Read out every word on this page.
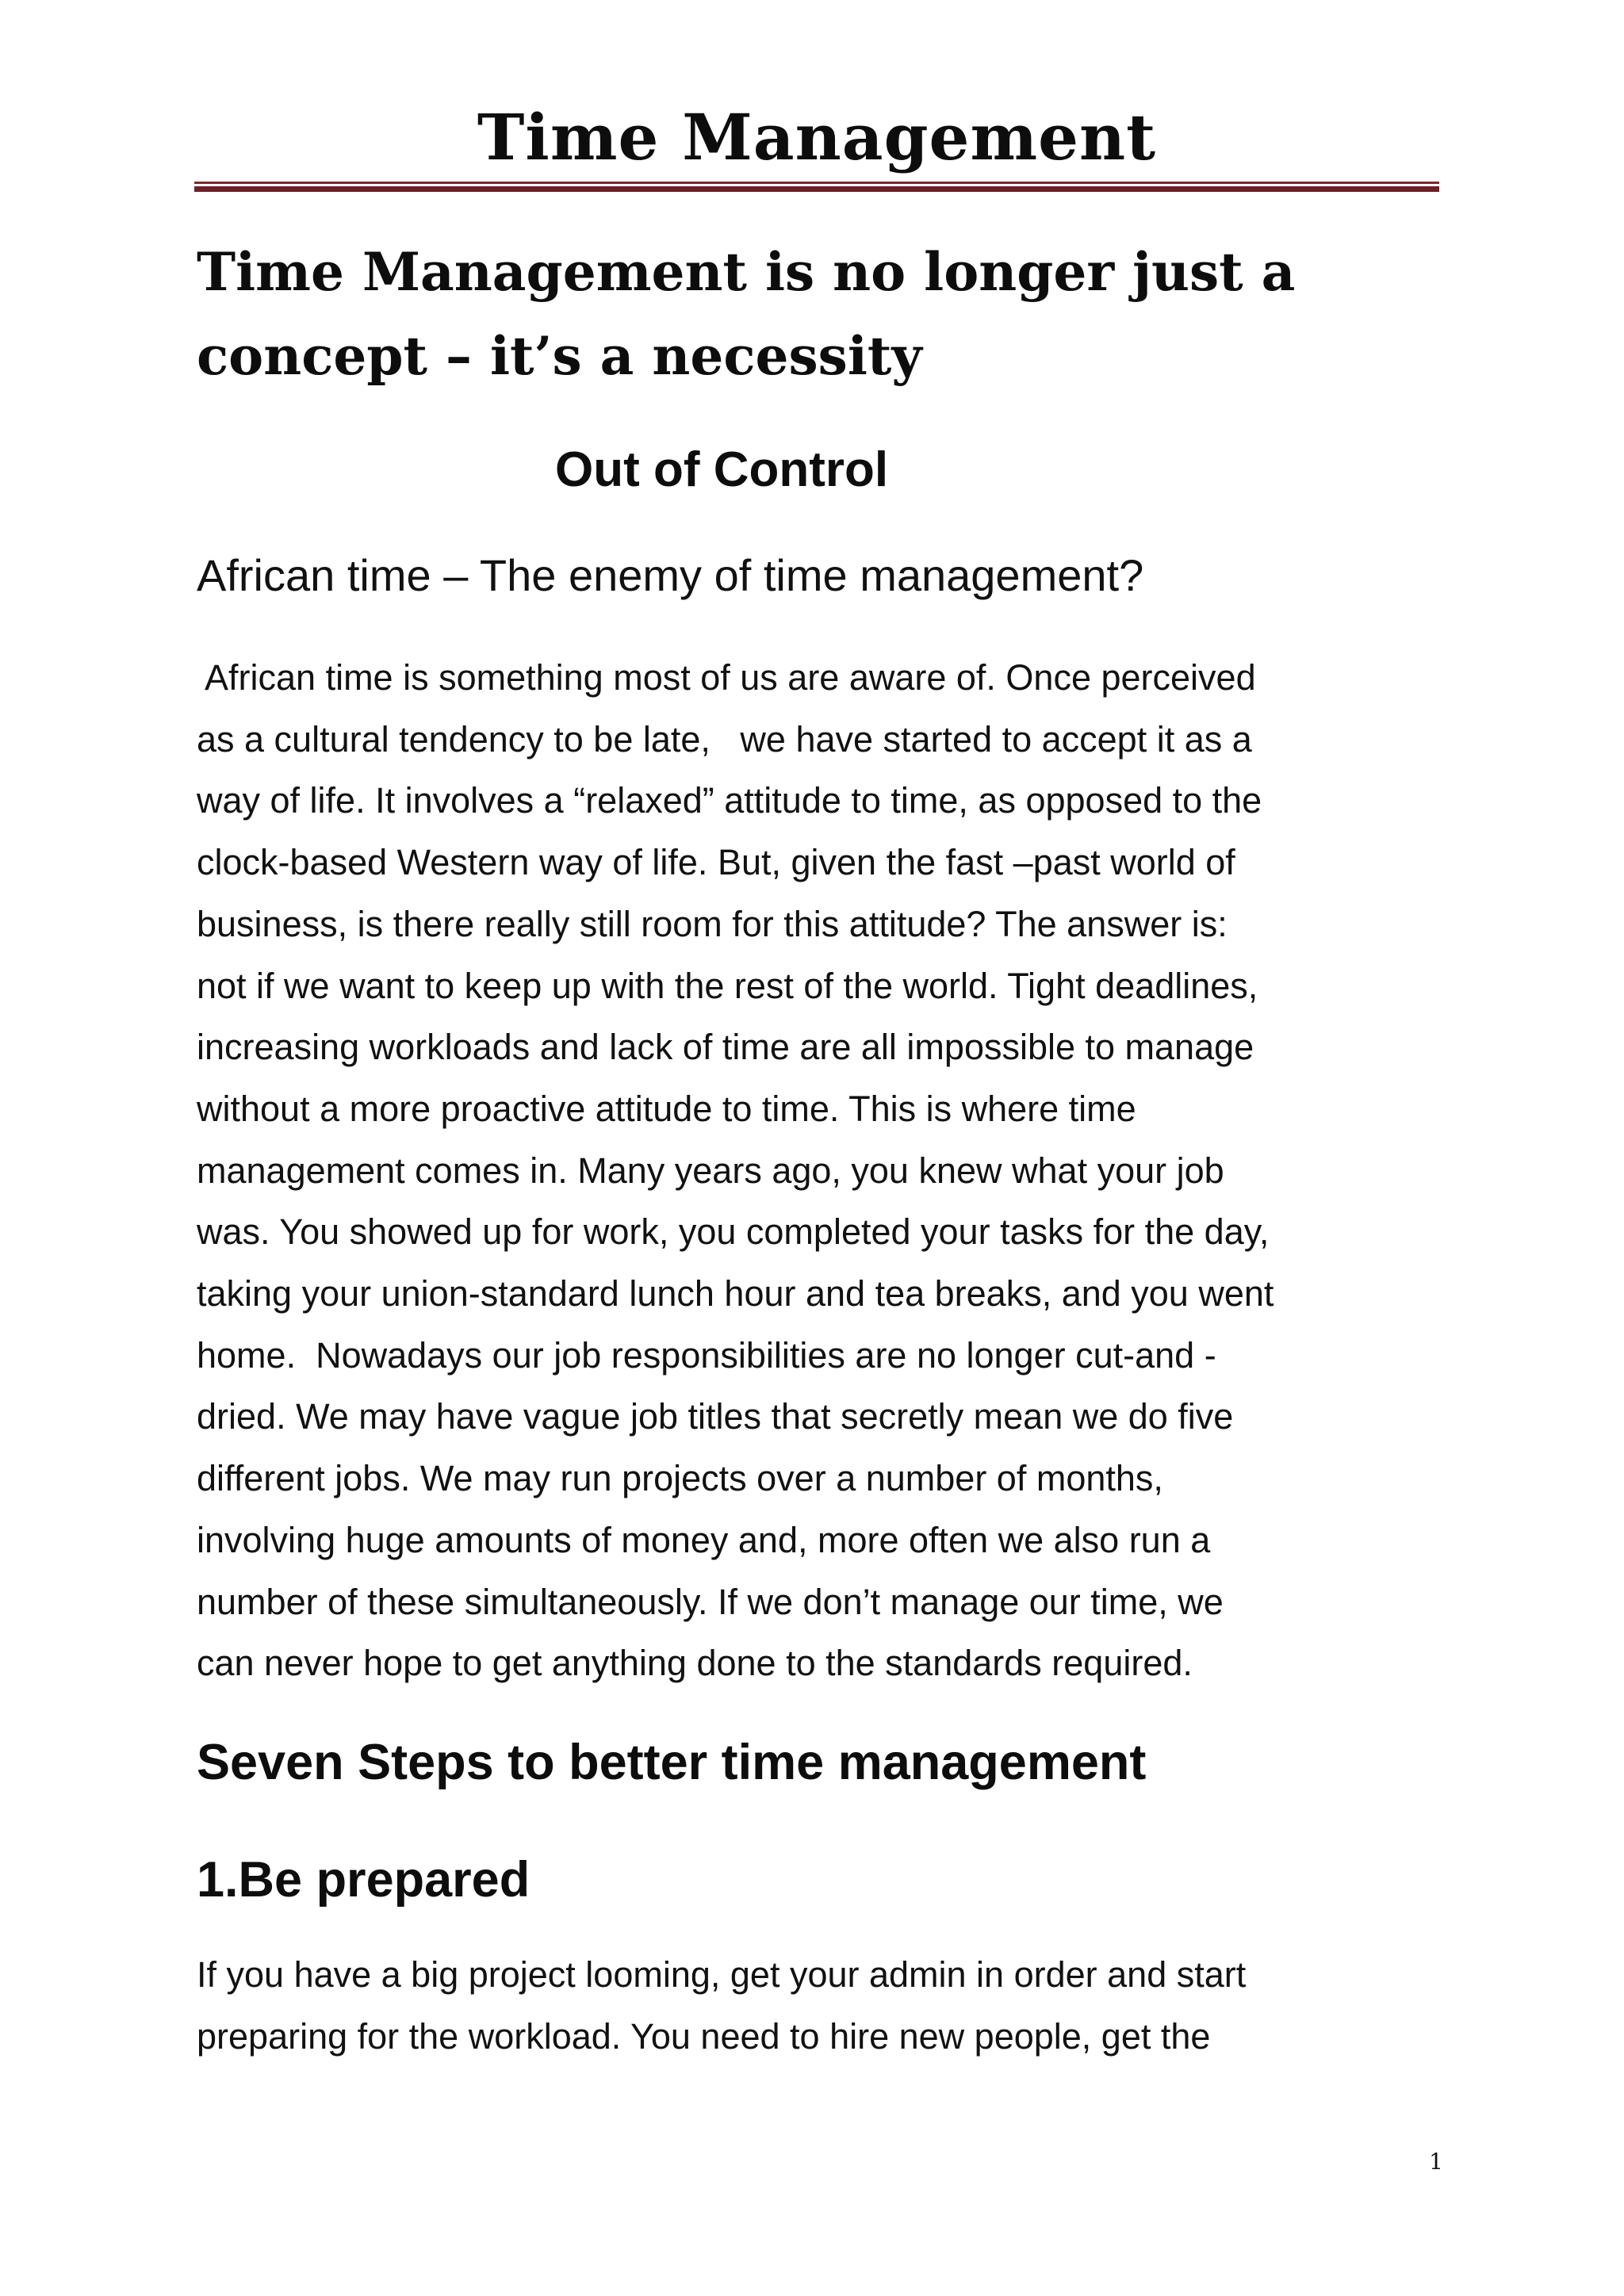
Time Management
Time Management is no longer just a concept – it’s a necessity
Out of Control
African time – The enemy of time management?

African time is something most of us are aware of. Once perceived
as a cultural tendency to be late,   we have started to accept it as a
way of life. It involves a “relaxed” attitude to time, as opposed to the
clock-based Western way of life. But, given the fast –past world of
business, is there really still room for this attitude? The answer is:
not if we want to keep up with the rest of the world. Tight deadlines,
increasing workloads and lack of time are all impossible to manage
without a more proactive attitude to time. This is where time
management comes in. Many years ago, you knew what your job
was. You showed up for work, you completed your tasks for the day,
taking your union-standard lunch hour and tea breaks, and you went
home.  Nowadays our job responsibilities are no longer cut-and -
dried. We may have vague job titles that secretly mean we do five
different jobs. We may run projects over a number of months,
involving huge amounts of money and, more often we also run a
number of these simultaneously. If we don’t manage our time, we
can never hope to get anything done to the standards required.

Seven Steps to better time management
1.Be prepared

If you have a big project looming, get your admin in order and start
preparing for the workload. You need to hire new people, get the

1
